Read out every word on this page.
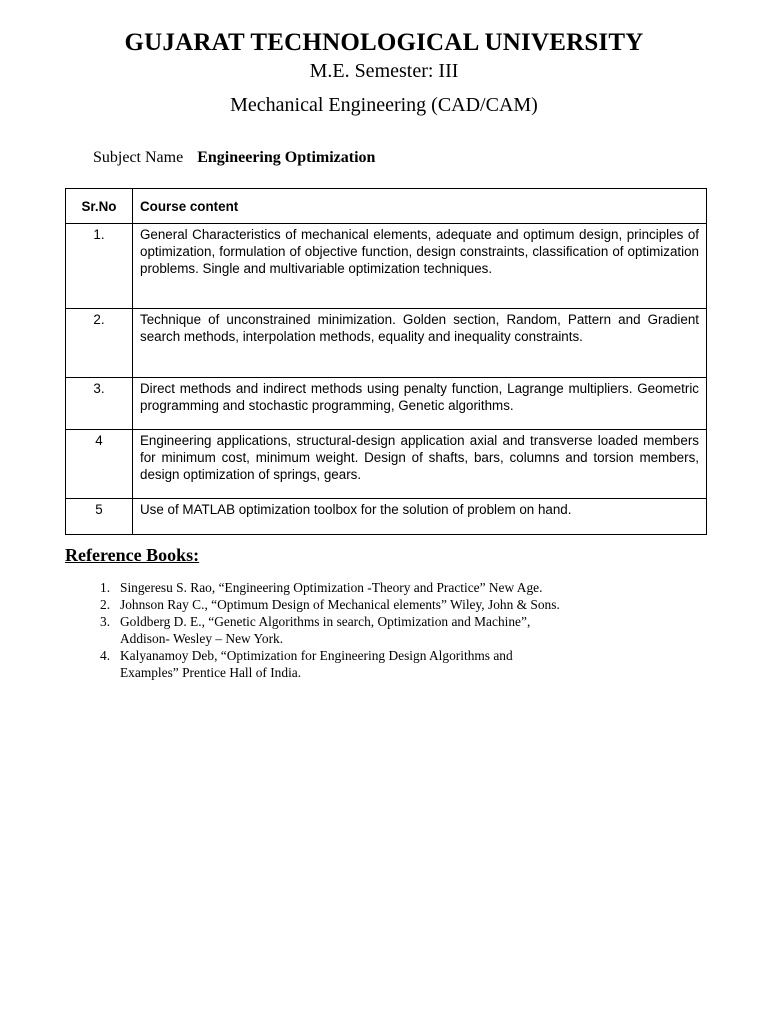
GUJARAT TECHNOLOGICAL UNIVERSITY
M.E. Semester: III
Mechanical Engineering (CAD/CAM)
Subject Name Engineering Optimization
Sr.No	Course content
1.	General Characteristics of mechanical elements, adequate and optimum design, principles of optimization, formulation of objective function, design constraints, classification of optimization problems. Single and multivariable optimization techniques.
2.	Technique of unconstrained minimization. Golden section, Random, Pattern and Gradient search methods, interpolation methods, equality and inequality constraints.
3.	Direct methods and indirect methods using penalty function, Lagrange multipliers. Geometric programming and stochastic programming, Genetic algorithms.
4	Engineering applications, structural-design application axial and transverse loaded members for minimum cost, minimum weight. Design of shafts, bars, columns and torsion members, design optimization of springs, gears.
5	Use of MATLAB optimization toolbox for the solution of problem on hand.
Reference Books:
1. Singeresu S. Rao, “Engineering Optimization -Theory and Practice” New Age.
2. Johnson Ray C., “Optimum Design of Mechanical elements” Wiley, John & Sons.
3. Goldberg D. E., “Genetic Algorithms in search, Optimization and Machine”,
Addison- Wesley – New York.
4. Kalyanamoy Deb, “Optimization for Engineering Design Algorithms and
Examples” Prentice Hall of India.
